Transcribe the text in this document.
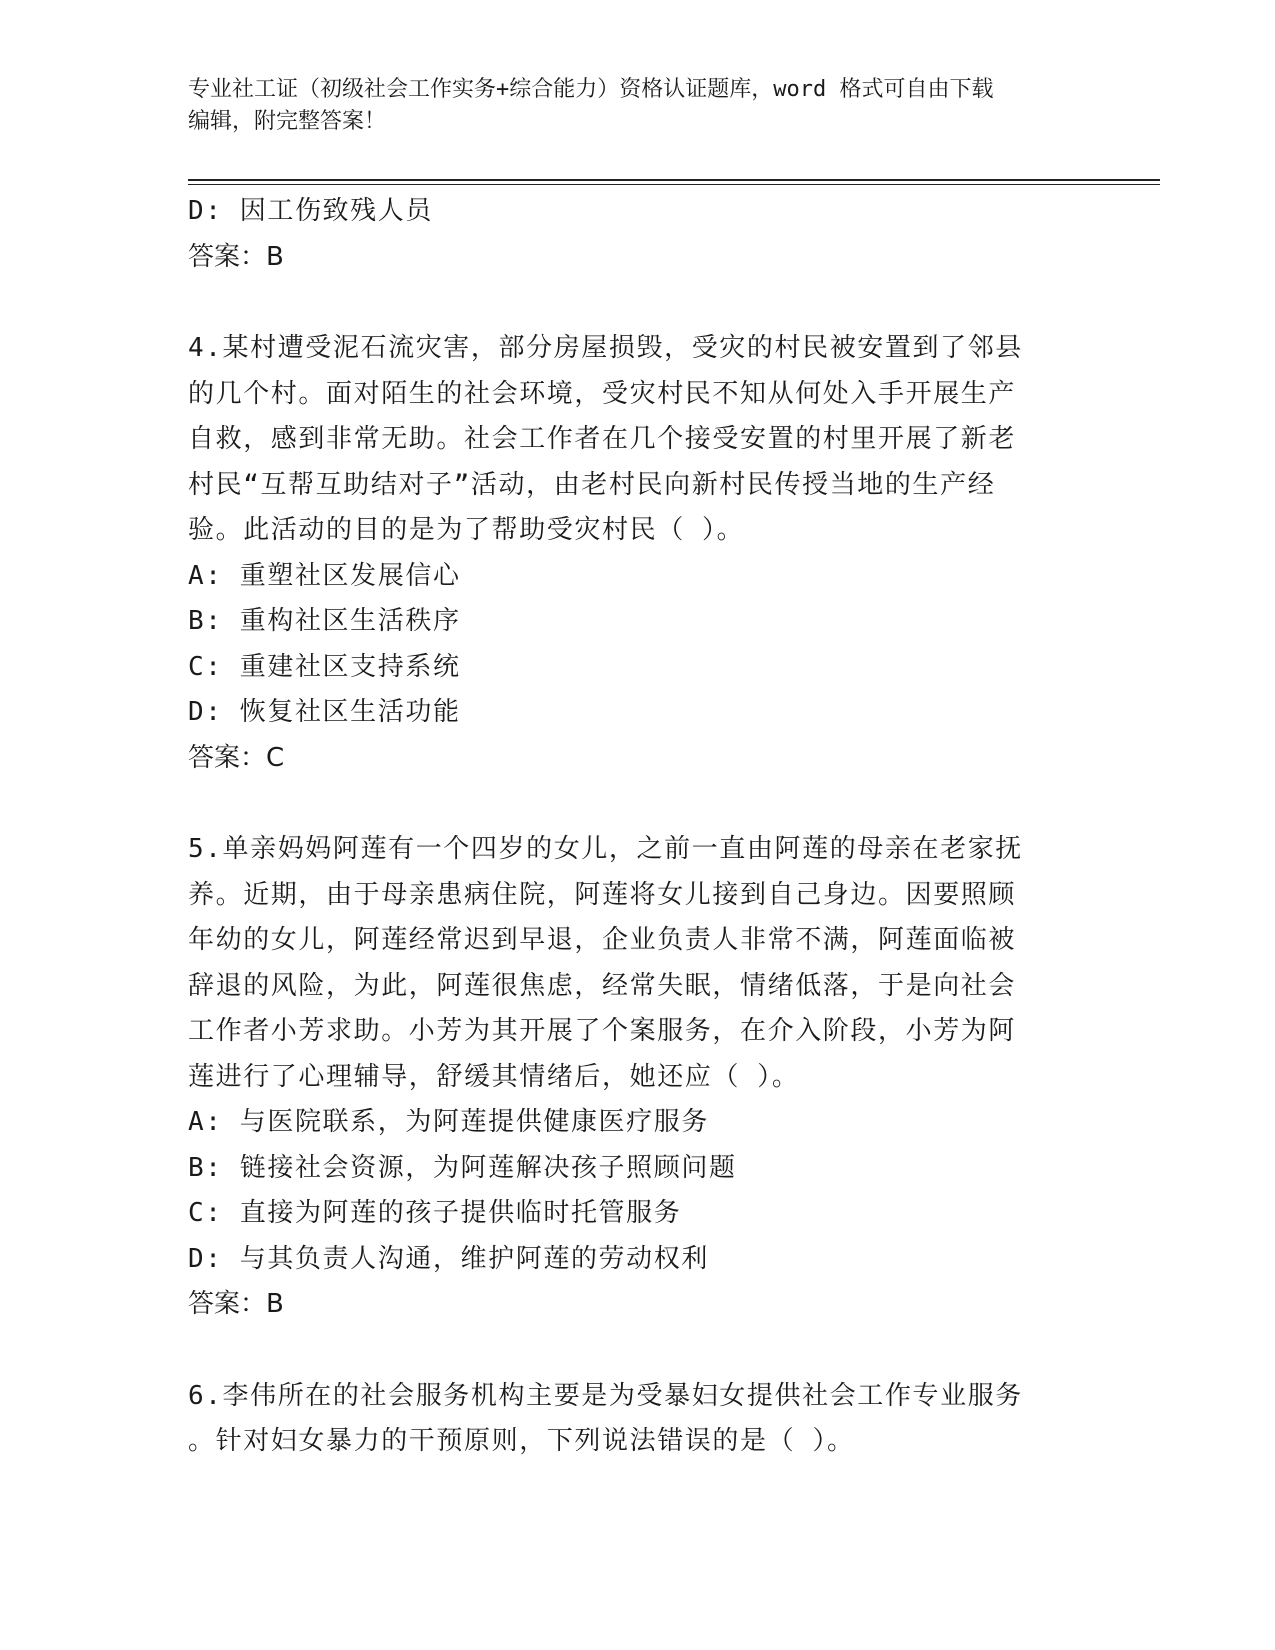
专业社工证（初级社会工作实务+综合能力）资格认证题库，word 格式可自由下载
编辑，附完整答案！
D: 因工伤致残人员
答案：B
4.某村遭受泥石流灾害，部分房屋损毁，受灾的村民被安置到了邻县
的几个村。面对陌生的社会环境，受灾村民不知从何处入手开展生产
自救，感到非常无助。社会工作者在几个接受安置的村里开展了新老
村民“互帮互助结对子”活动，由老村民向新村民传授当地的生产经
验。此活动的目的是为了帮助受灾村民（ ）。
A: 重塑社区发展信心
B: 重构社区生活秩序
C: 重建社区支持系统
D: 恢复社区生活功能
答案：C
5.单亲妈妈阿莲有一个四岁的女儿，之前一直由阿莲的母亲在老家抚
养。近期，由于母亲患病住院，阿莲将女儿接到自己身边。因要照顾
年幼的女儿，阿莲经常迟到早退，企业负责人非常不满，阿莲面临被
辞退的风险，为此，阿莲很焦虑，经常失眠，情绪低落，于是向社会
工作者小芳求助。小芳为其开展了个案服务，在介入阶段，小芳为阿
莲进行了心理辅导，舒缓其情绪后，她还应（ ）。
A: 与医院联系，为阿莲提供健康医疗服务
B: 链接社会资源，为阿莲解决孩子照顾问题
C: 直接为阿莲的孩子提供临时托管服务
D: 与其负责人沟通，维护阿莲的劳动权利
答案：B
6.李伟所在的社会服务机构主要是为受暴妇女提供社会工作专业服务
。针对妇女暴力的干预原则，下列说法错误的是（ ）。
